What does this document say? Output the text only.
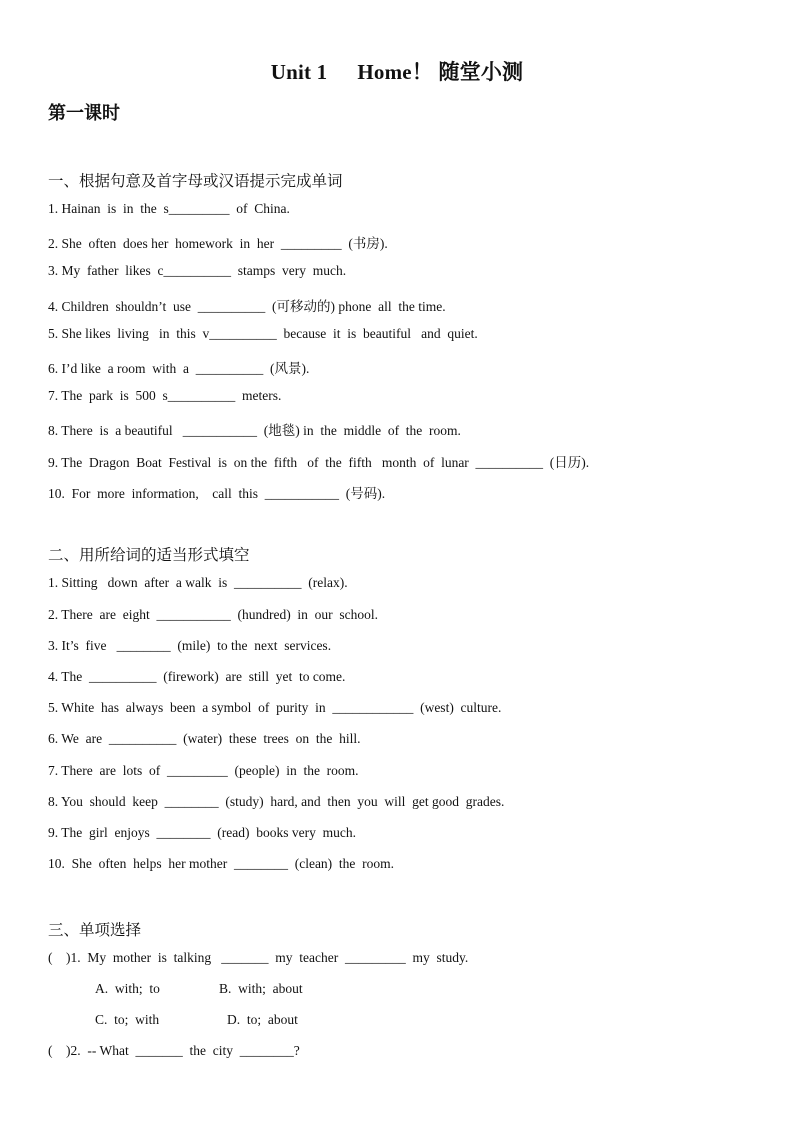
Unit 1 Home！ 随堂小测
第一课时
一、根据句意及首字母或汉语提示完成单词
1. Hainan  is  in  the  s_________  of  China.
2. She  often  does her  homework  in  her  _________  (书房).
3. My  father  likes  c__________  stamps  very  much.
4. Children  shouldn’t  use  __________  (可移动的) phone  all  the time.
5. She likes  living   in  this  v__________  because  it  is  beautiful   and  quiet.
6. I’d like  a room  with  a  __________  (风景).
7. The  park  is  500  s__________  meters.
8. There  is  a beautiful   ___________  (地毯) in  the  middle  of  the  room.
9. The  Dragon  Boat  Festival  is  on the  fifth   of  the  fifth   month  of  lunar  __________  (日历).
10.  For  more  information,    call  this  ___________  (号码).
二、用所给词的适当形式填空
1. Sitting   down  after  a walk  is  __________  (relax).
2. There  are  eight  ___________  (hundred)  in  our  school.
3. It’s  five   ________  (mile)  to the  next  services.
4. The  __________  (firework)  are  still  yet  to come.
5. White  has  always  been  a symbol  of  purity  in  ____________  (west)  culture.
6. We  are  __________  (water)  these  trees  on  the  hill.
7. There  are  lots  of  _________  (people)  in  the  room.
8. You  should  keep  ________  (study)  hard, and  then  you  will  get good  grades.
9. The  girl  enjoys  ________  (read)  books very  much.
10.  She  often  helps  her mother  ________  (clean)  the  room.
三、单项选择
(    )1.  My  mother  is  talking   _______  my  teacher  _________  my  study.
A.  with;  to	B.  with;  about
C.  to;  with	D.  to;  about
(    )2.  -- What  _______  the  city  ________?
